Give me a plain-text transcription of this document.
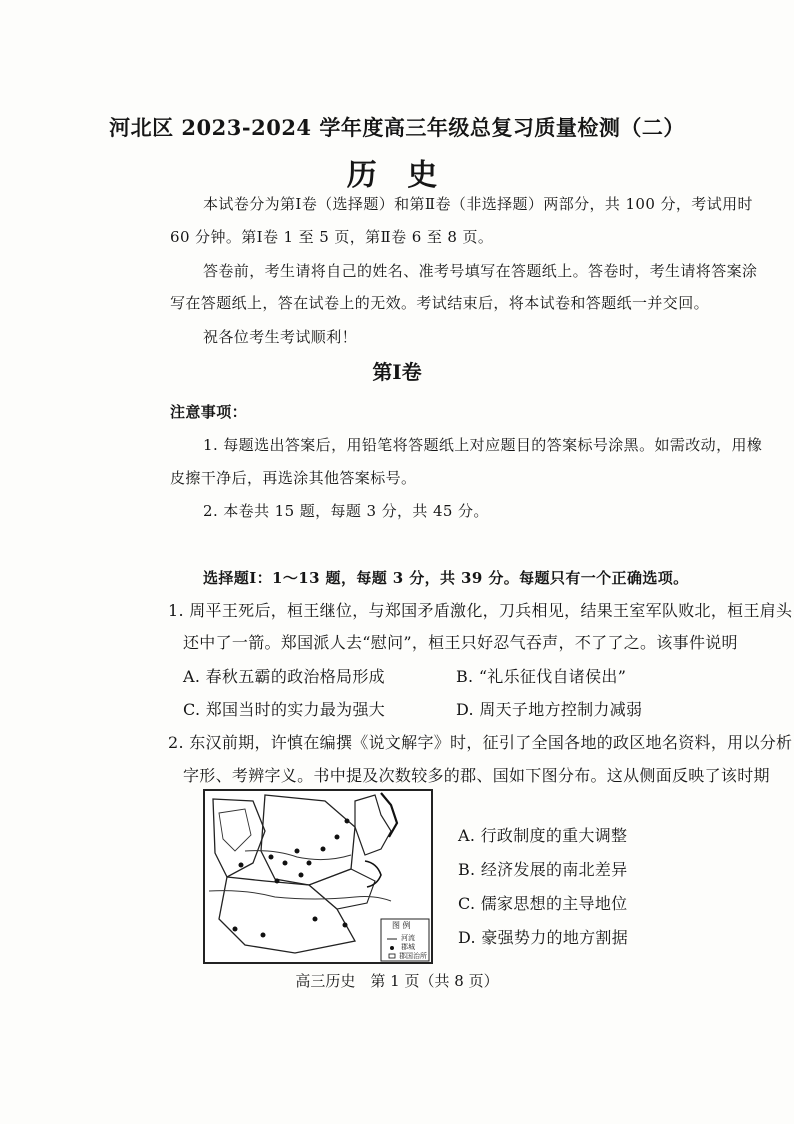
河北区 2023-2024 学年度高三年级总复习质量检测（二）
历 史
本试卷分为第Ⅰ卷（选择题）和第Ⅱ卷（非选择题）两部分，共 100 分，考试用时
60 分钟。第Ⅰ卷 1 至 5 页，第Ⅱ卷 6 至 8 页。
答卷前，考生请将自己的姓名、准考号填写在答题纸上。答卷时，考生请将答案涂
写在答题纸上，答在试卷上的无效。考试结束后，将本试卷和答题纸一并交回。
祝各位考生考试顺利！
第Ⅰ卷
注意事项：
1. 每题选出答案后，用铅笔将答题纸上对应题目的答案标号涂黑。如需改动，用橡
皮擦干净后，再选涂其他答案标号。
2. 本卷共 15 题，每题 3 分，共 45 分。
选择题Ⅰ：1～13 题，每题 3 分，共 39 分。每题只有一个正确选项。
1. 周平王死后，桓王继位，与郑国矛盾激化，刀兵相见，结果王室军队败北，桓王肩头
还中了一箭。郑国派人去“慰问”，桓王只好忍气吞声，不了了之。该事件说明
A. 春秋五霸的政治格局形成	B. “礼乐征伐自诸侯出”
C. 郑国当时的实力最为强大	D. 周天子地方控制力减弱
2. 东汉前期，许慎在编撰《说文解字》时，征引了全国各地的政区地名资料，用以分析
字形、考辨字义。书中提及次数较多的郡、国如下图分布。这从侧面反映了该时期
图 例
河流
郡城
郡国治所
A. 行政制度的重大调整
B. 经济发展的南北差异
C. 儒家思想的主导地位
D. 豪强势力的地方割据
高三历史　第 1 页（共 8 页）
